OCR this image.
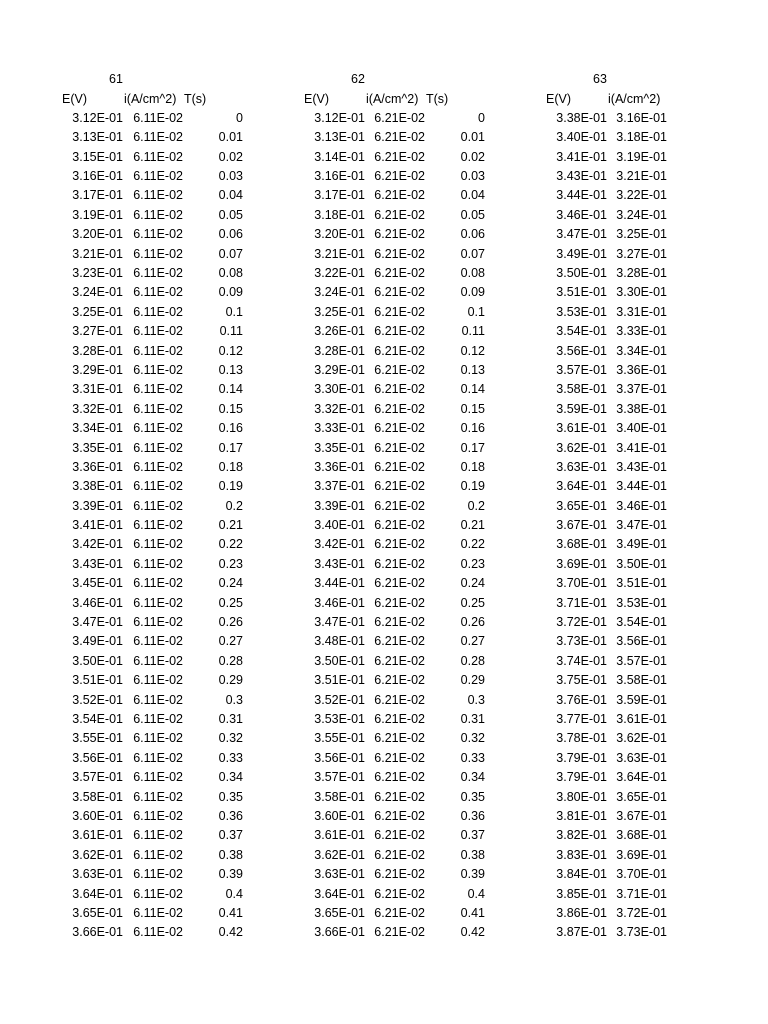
61
E(V)	i(A/cm^2) T(s)
3.12E-01 6.11E-02	0
3.13E-01 6.11E-02	0.01
3.15E-01 6.11E-02	0.02
3.16E-01 6.11E-02	0.03
3.17E-01 6.11E-02	0.04
3.19E-01 6.11E-02	0.05
3.20E-01 6.11E-02	0.06
3.21E-01 6.11E-02	0.07
3.23E-01 6.11E-02	0.08
3.24E-01 6.11E-02	0.09
3.25E-01 6.11E-02	0.1
3.27E-01 6.11E-02	0.11
3.28E-01 6.11E-02	0.12
3.29E-01 6.11E-02	0.13
3.31E-01 6.11E-02	0.14
3.32E-01 6.11E-02	0.15
3.34E-01 6.11E-02	0.16
3.35E-01 6.11E-02	0.17
3.36E-01 6.11E-02	0.18
3.38E-01 6.11E-02	0.19
3.39E-01 6.11E-02	0.2
3.41E-01 6.11E-02	0.21
3.42E-01 6.11E-02	0.22
3.43E-01 6.11E-02	0.23
3.45E-01 6.11E-02	0.24
3.46E-01 6.11E-02	0.25
3.47E-01 6.11E-02	0.26
3.49E-01 6.11E-02	0.27
3.50E-01 6.11E-02	0.28
3.51E-01 6.11E-02	0.29
3.52E-01 6.11E-02	0.3
3.54E-01 6.11E-02	0.31
3.55E-01 6.11E-02	0.32
3.56E-01 6.11E-02	0.33
3.57E-01 6.11E-02	0.34
3.58E-01 6.11E-02	0.35
3.60E-01 6.11E-02	0.36
3.61E-01 6.11E-02	0.37
3.62E-01 6.11E-02	0.38
3.63E-01 6.11E-02	0.39
3.64E-01 6.11E-02	0.4
3.65E-01 6.11E-02	0.41
3.66E-01 6.11E-02	0.42
62
E(V)	i(A/cm^2) T(s)
3.12E-01 6.21E-02	0
3.13E-01 6.21E-02	0.01
3.14E-01 6.21E-02	0.02
3.16E-01 6.21E-02	0.03
3.17E-01 6.21E-02	0.04
3.18E-01 6.21E-02	0.05
3.20E-01 6.21E-02	0.06
3.21E-01 6.21E-02	0.07
3.22E-01 6.21E-02	0.08
3.24E-01 6.21E-02	0.09
3.25E-01 6.21E-02	0.1
3.26E-01 6.21E-02	0.11
3.28E-01 6.21E-02	0.12
3.29E-01 6.21E-02	0.13
3.30E-01 6.21E-02	0.14
3.32E-01 6.21E-02	0.15
3.33E-01 6.21E-02	0.16
3.35E-01 6.21E-02	0.17
3.36E-01 6.21E-02	0.18
3.37E-01 6.21E-02	0.19
3.39E-01 6.21E-02	0.2
3.40E-01 6.21E-02	0.21
3.42E-01 6.21E-02	0.22
3.43E-01 6.21E-02	0.23
3.44E-01 6.21E-02	0.24
3.46E-01 6.21E-02	0.25
3.47E-01 6.21E-02	0.26
3.48E-01 6.21E-02	0.27
3.50E-01 6.21E-02	0.28
3.51E-01 6.21E-02	0.29
3.52E-01 6.21E-02	0.3
3.53E-01 6.21E-02	0.31
3.55E-01 6.21E-02	0.32
3.56E-01 6.21E-02	0.33
3.57E-01 6.21E-02	0.34
3.58E-01 6.21E-02	0.35
3.60E-01 6.21E-02	0.36
3.61E-01 6.21E-02	0.37
3.62E-01 6.21E-02	0.38
3.63E-01 6.21E-02	0.39
3.64E-01 6.21E-02	0.4
3.65E-01 6.21E-02	0.41
3.66E-01 6.21E-02	0.42
63
E(V)	i(A/cm^2)
3.38E-01 3.16E-01
3.40E-01 3.18E-01
3.41E-01 3.19E-01
3.43E-01 3.21E-01
3.44E-01 3.22E-01
3.46E-01 3.24E-01
3.47E-01 3.25E-01
3.49E-01 3.27E-01
3.50E-01 3.28E-01
3.51E-01 3.30E-01
3.53E-01 3.31E-01
3.54E-01 3.33E-01
3.56E-01 3.34E-01
3.57E-01 3.36E-01
3.58E-01 3.37E-01
3.59E-01 3.38E-01
3.61E-01 3.40E-01
3.62E-01 3.41E-01
3.63E-01 3.43E-01
3.64E-01 3.44E-01
3.65E-01 3.46E-01
3.67E-01 3.47E-01
3.68E-01 3.49E-01
3.69E-01 3.50E-01
3.70E-01 3.51E-01
3.71E-01 3.53E-01
3.72E-01 3.54E-01
3.73E-01 3.56E-01
3.74E-01 3.57E-01
3.75E-01 3.58E-01
3.76E-01 3.59E-01
3.77E-01 3.61E-01
3.78E-01 3.62E-01
3.79E-01 3.63E-01
3.79E-01 3.64E-01
3.80E-01 3.65E-01
3.81E-01 3.67E-01
3.82E-01 3.68E-01
3.83E-01 3.69E-01
3.84E-01 3.70E-01
3.85E-01 3.71E-01
3.86E-01 3.72E-01
3.87E-01 3.73E-01
